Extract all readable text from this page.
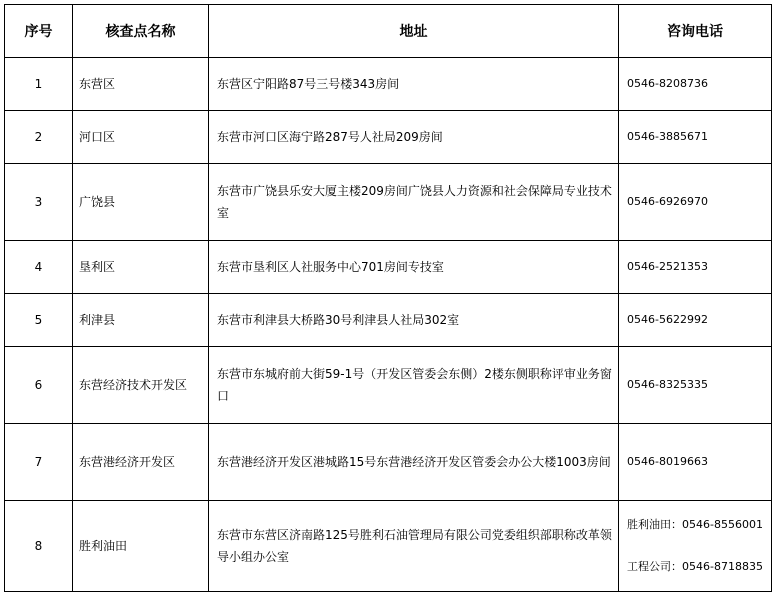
序号	核查点名称	地址	咨询电话
1	东营区	东营区宁阳路87号三号楼343房间	0546-8208736
2	河口区	东营市河口区海宁路287号人社局209房间	0546-3885671
3	广饶县	东营市广饶县乐安大厦主楼209房间广饶县人力资源和社会保障局专业技术室	0546-6926970
4	垦利区	东营市垦利区人社服务中心701房间专技室	0546-2521353
5	利津县	东营市利津县大桥路30号利津县人社局302室	0546-5622992
6	东营经济技术开发区	东营市东城府前大街59-1号（开发区管委会东侧）2楼东侧职称评审业务窗口	0546-8325335
7	东营港经济开发区	东营港经济开发区港城路15号东营港经济开发区管委会办公大楼1003房间	0546-8019663
8	胜利油田	东营市东营区济南路125号胜利石油管理局有限公司党委组织部职称改革领导小组办公室	胜利油田：0546-8556001
工程公司：0546-8718835
